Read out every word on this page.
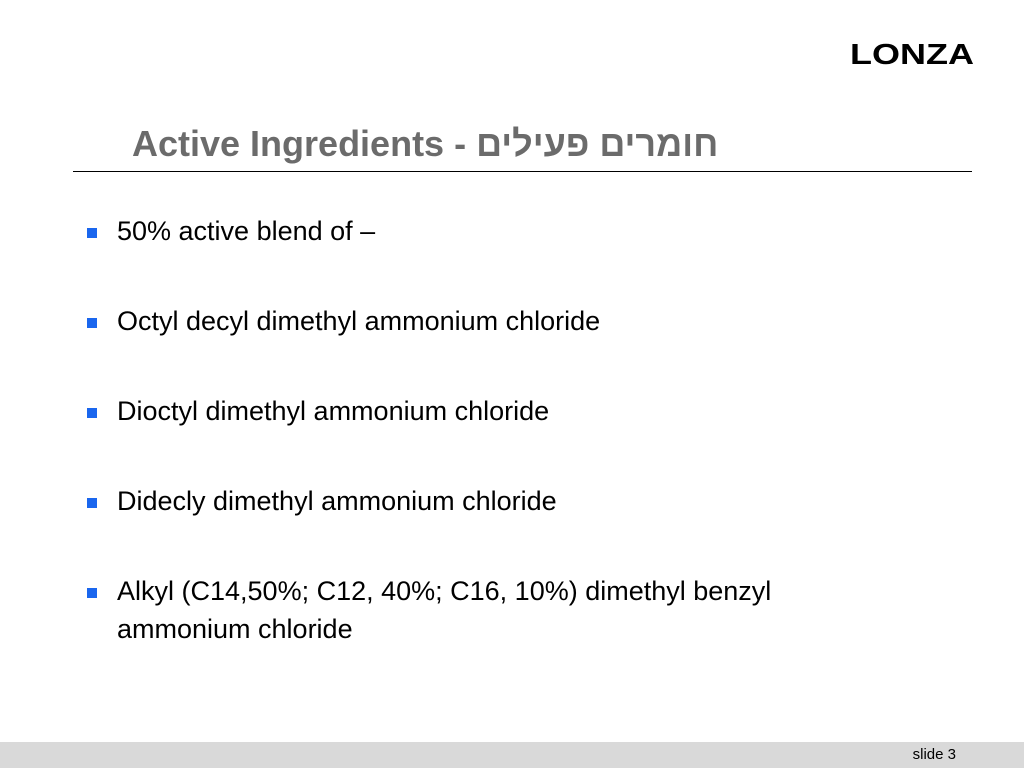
LONZA
Active Ingredients - חומרים פעילים
50% active blend of –
Octyl decyl dimethyl ammonium chloride
Dioctyl dimethyl ammonium chloride
Didecly dimethyl ammonium chloride
Alkyl (C14,50%; C12, 40%; C16, 10%) dimethyl benzyl ammonium chloride
slide 3
